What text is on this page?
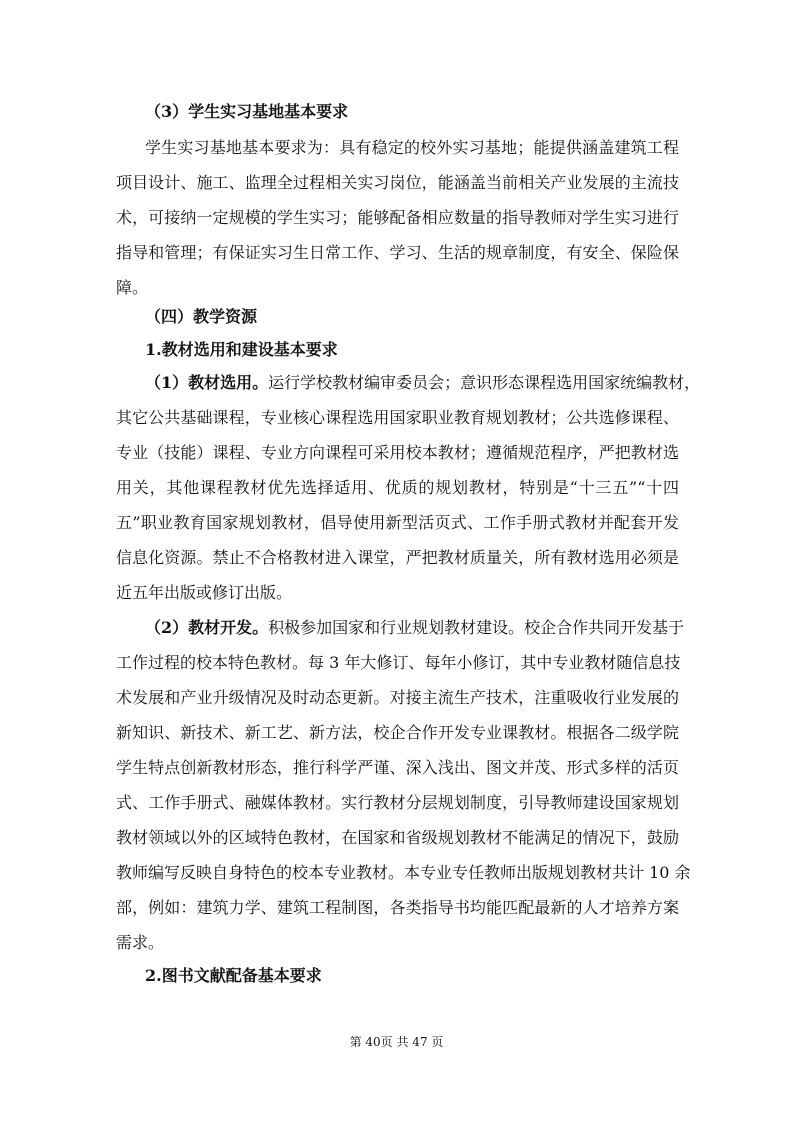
（3）学生实习基地基本要求
学生实习基地基本要求为：具有稳定的校外实习基地；能提供涵盖建筑工程
项目设计、施工、监理全过程相关实习岗位，能涵盖当前相关产业发展的主流技
术，可接纳一定规模的学生实习；能够配备相应数量的指导教师对学生实习进行
指导和管理；有保证实习生日常工作、学习、生活的规章制度，有安全、保险保
障。
（四）教学资源
1.教材选用和建设基本要求
（1）教材选用。运行学校教材编审委员会；意识形态课程选用国家统编教材，
其它公共基础课程，专业核心课程选用国家职业教育规划教材；公共选修课程、
专业（技能）课程、专业方向课程可采用校本教材；遵循规范程序，严把教材选
用关，其他课程教材优先选择适用、优质的规划教材，特别是“十三五”“十四
五”职业教育国家规划教材，倡导使用新型活页式、工作手册式教材并配套开发
信息化资源。禁止不合格教材进入课堂，严把教材质量关，所有教材选用必须是
近五年出版或修订出版。
（2）教材开发。积极参加国家和行业规划教材建设。校企合作共同开发基于
工作过程的校本特色教材。每 3 年大修订、每年小修订，其中专业教材随信息技
术发展和产业升级情况及时动态更新。对接主流生产技术，注重吸收行业发展的
新知识、新技术、新工艺、新方法，校企合作开发专业课教材。根据各二级学院
学生特点创新教材形态，推行科学严谨、深入浅出、图文并茂、形式多样的活页
式、工作手册式、融媒体教材。实行教材分层规划制度，引导教师建设国家规划
教材领域以外的区域特色教材，在国家和省级规划教材不能满足的情况下，鼓励
教师编写反映自身特色的校本专业教材。本专业专任教师出版规划教材共计 10 余
部，例如：建筑力学、建筑工程制图，各类指导书均能匹配最新的人才培养方案
需求。
2.图书文献配备基本要求
第 40页 共 47 页
